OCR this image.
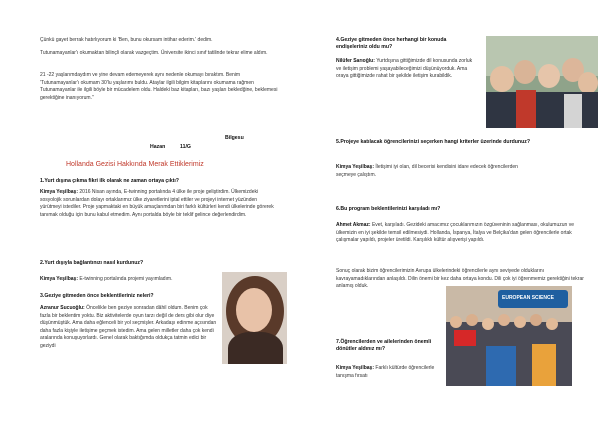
Çünkü gayet berrak hatırlıyorum ki 'Ben, bunu okursam intihar ederim.' dedim.

Tutunamayanlar'ı okumaktan bilinçli olarak vazgeçtim. Üniversite ikinci sınıf tatilinde tekrar elime aldım.

21 -22 yaşlarımdaydım ve yine devam edemeyerek aynı nedenle okumayı bıraktım. Benim 'Tutunamayanlar'ı okumam 30'lu yaşlarımı buldu. Ataylar ilgili bilgim kitaplarını okumama rağmen Tutunamayanlar ile ilgili böyle bir mücadelem oldu. Haldeki baz kitapları, bazı yaşları bekledğine, beklemesi gerektiğine inanıyorum."

Bilgesu
Hazan	11/G

Hollanda Gezisi Hakkında Merak Ettiklerimiz

1.Yurt dışına çıkma fikri ilk olarak ne zaman ortaya çıktı?

Kimya Yeşilbaş: 2016 Nisan ayında, E-twinning portalında 4 ülke ile proje geliştirdim. Ülkemizdeki sosyolojik sorunlardan dolayı ortaklarımız ülke ziyaretlerini iptal ettiler ve projeyi internet yüzünden yürütmeyi istediler. Proje yapmaktaki en büyük amaçlarımdan biri farklı kültürleri kendi ülkelerinde görerek tanımak olduğu için bunu kabul etmedim. Aynı portalda böyle bir teklif gelince değerlendirdim.

2.Yurt dışıyla bağlantınızı nasıl kurdunuz?

Kimya Yeşilbaş: E-twinning portalında projemi yayımladım.

3.Geziye gitmeden önce beklentileriniz neleri?

Azranur Sucuoğlu: Öncelikle ben geziye sonradan dâhil oldum. Benim çok fazla bir beklentim yoktu. Biz aktivitelerde oyun tarzı değil de ders gibi olur diye düşünmüştük. Ama daha eğlenceli bir yol seçmişler. Arkadaşı edinme açısından daha fazla kişiyle iletişime geçmek istedim. Ama gelen milletler daha çok kendi aralarında konuşuyorlardı. Genel olarak baktığımda oldukça tatmin edici bir geziydi

4.Geziye gitmeden önce herhangi bir konuda endişeleriniz oldu mu?

Nilüfer Sarıoğlu: Yurtdışına gittiğimizde dil konusunda zorluk ve iletişim problemi yaşayabileceğimizi düşünüyorduk. Ama oraya gittiğimizde rahat bir şekilde iletişim kurabildik.

5.Projeye katılacak öğrencilerinizi seçerken hangi kriterler üzerinde durdunuz?

Kimya Yeşilbaş: İletişimi iyi olan, dil becerisi kendisini idare edecek öğrencilerden seçmeye çalıştım.

6.Bu program beklentilerinizi karşıladı mı?

Ahmet Akmaz: Evet, karşıladı. Gezideki amacımız çocuklarımızın özgüveninin sağlanması, okulumuzun ve ülkemizin en iyi şekilde temsil edilmesiydi. Hollanda, İspanya, İtalya ve Belçika'dan gelen öğrencilerle ortak çalışmalar yapıldı, projeler üretildi. Karşılıklı kültür alışverişi yapıldı.

Sonuç olarak bizim öğrencilerimizin Avrupa ülkelerindeki öğrencilerle aynı seviyede olduklarını kavrayamadıklarından anlaşıldı. Dilin önemi bir kez daha ortaya kondu. Dili çok iyi öğrenmemiz gerektiğini tekrar anlamış olduk.

7.Öğrencilerden ve ailelerinden önemli dönütler aldınız mı?

Kimya Yeşilbaş: Farklı kültürde öğrencilerle tanışma fırsatı

EUROPEAN SCIENCE
